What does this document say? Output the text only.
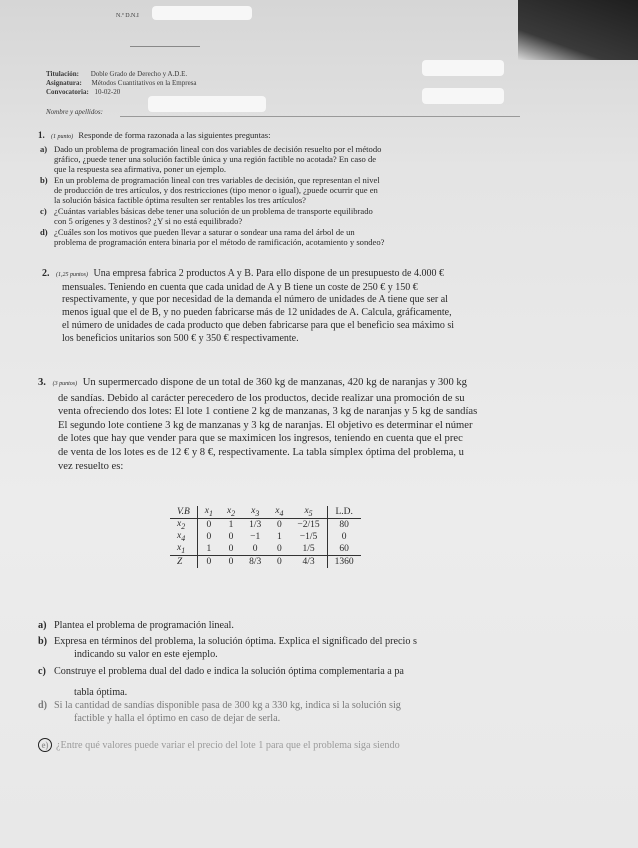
N.º D.N.I
Titulación: Doble Grado de Derecho y A.D.E.
Asignatura: Métodos Cuantitativos en la Empresa
Convocatoria: 10-02-20
Nombre y apellidos:
1. (1 punto) Responde de forma razonada a las siguientes preguntas:
a) Dado un problema de programación lineal con dos variables de decisión resuelto por el método
gráfico, ¿puede tener una solución factible única y una región factible no acotada? En caso de
que la respuesta sea afirmativa, poner un ejemplo.
b) En un problema de programación lineal con tres variables de decisión, que representan el nivel
de producción de tres artículos, y dos restricciones (tipo menor o igual), ¿puede ocurrir que en
la solución básica factible óptima resulten ser rentables los tres artículos?
c) ¿Cuántas variables básicas debe tener una solución de un problema de transporte equilibrado
con 5 orígenes y 3 destinos? ¿Y si no está equilibrado?
d) ¿Cuáles son los motivos que pueden llevar a saturar o sondear una rama del árbol de un
problema de programación entera binaria por el método de ramificación, acotamiento y sondeo?
2. (1,25 puntos) Una empresa fabrica 2 productos A y B. Para ello dispone de un presupuesto de 4.000 €
mensuales. Teniendo en cuenta que cada unidad de A y B tiene un coste de 250 € y 150 €
respectivamente, y que por necesidad de la demanda el número de unidades de A tiene que ser al
menos igual que el de B, y no pueden fabricarse más de 12 unidades de A. Calcula, gráficamente,
el número de unidades de cada producto que deben fabricarse para que el beneficio sea máximo si
los beneficios unitarios son 500 € y 350 € respectivamente.
3. (3 puntos) Un supermercado dispone de un total de 360 kg de manzanas, 420 kg de naranjas y 300 kg
de sandías. Debido al carácter perecedero de los productos, decide realizar una promoción de su
venta ofreciendo dos lotes: El lote 1 contiene 2 kg de manzanas, 3 kg de naranjas y 5 kg de sandías
El segundo lote contiene 3 kg de manzanas y 3 kg de naranjas. El objetivo es determinar el númer
de lotes que hay que vender para que se maximicen los ingresos, teniendo en cuenta que el prec
de venta de los lotes es de 12 € y 8 €, respectivamente. La tabla símplex óptima del problema, u
vez resuelto es:
V.B	$x_1$	$x_2$	$x_3$	$x_4$	$x_5$	L.D.
$x_2$	0	1	1/3	0	−2/15	80
$x_4$	0	0	−1	1	−1/5	0
$x_1$	1	0	0	0	1/5	60
Z	0	0	8/3	0	4/3	1360
a) Plantea el problema de programación lineal.
b) Expresa en términos del problema, la solución óptima. Explica el significado del precio s
indicando su valor en este ejemplo.
c) Construye el problema dual del dado e indica la solución óptima complementaria a pa
tabla óptima.
d) Si la cantidad de sandías disponible pasa de 300 kg a 330 kg, indica si la solución sig
factible y halla el óptimo en caso de dejar de serla.
e) ¿Entre qué valores puede variar el precio del lote 1 para que el problema siga siendo
